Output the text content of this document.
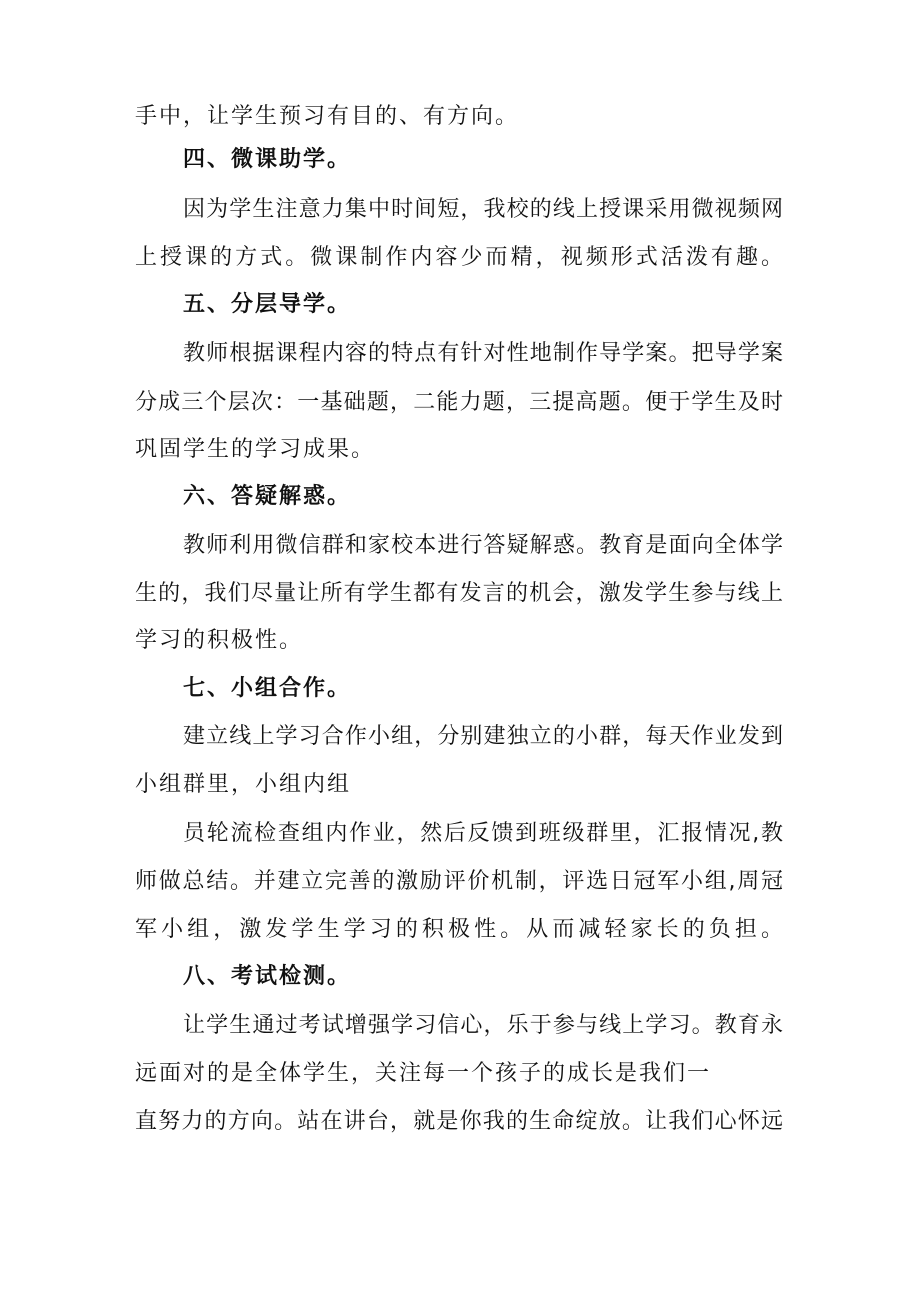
手中，让学生预习有目的、有方向。
四、微课助学。
因为学生注意力集中时间短，我校的线上授课采用微视频网
上授课的方式。微课制作内容少而精，视频形式活泼有趣。
五、分层导学。
教师根据课程内容的特点有针对性地制作导学案。把导学案
分成三个层次：一基础题，二能力题，三提高题。便于学生及时
巩固学生的学习成果。
六、答疑解惑。
教师利用微信群和家校本进行答疑解惑。教育是面向全体学
生的，我们尽量让所有学生都有发言的机会，激发学生参与线上
学习的积极性。
七、小组合作。
建立线上学习合作小组，分别建独立的小群，每天作业发到
小组群里，小组内组
员轮流检查组内作业，然后反馈到班级群里，汇报情况,教
师做总结。并建立完善的激励评价机制，评选日冠军小组,周冠
军小组，激发学生学习的积极性。从而减轻家长的负担。
八、考试检测。
让学生通过考试增强学习信心，乐于参与线上学习。教育永
远面对的是全体学生，关注每一个孩子的成长是我们一
直努力的方向。站在讲台，就是你我的生命绽放。让我们心怀远
